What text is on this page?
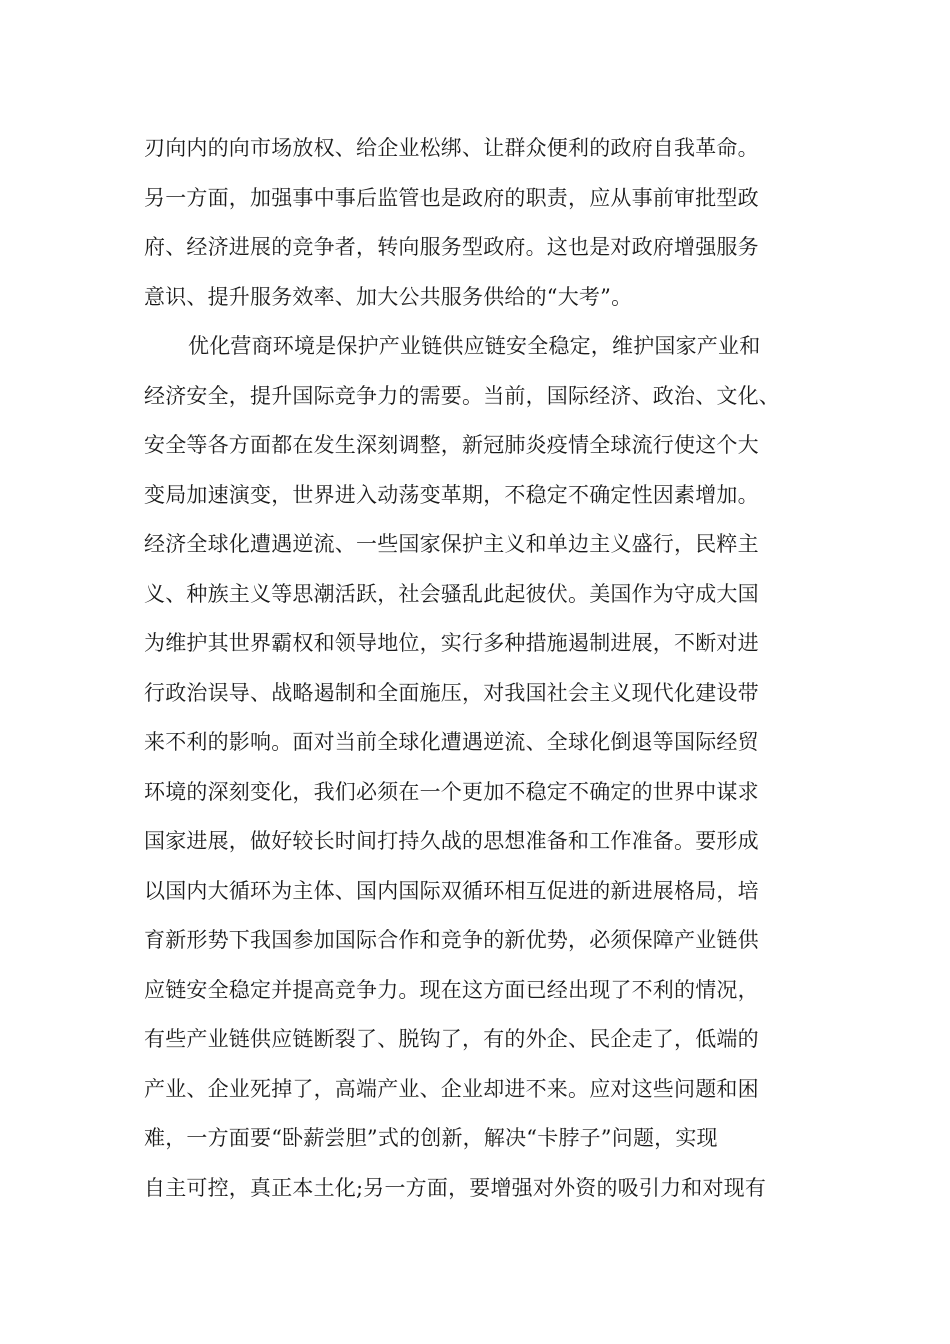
刃向内的向市场放权、给企业松绑、让群众便利的政府自我革命。
另一方面，加强事中事后监管也是政府的职责，应从事前审批型政
府、经济进展的竞争者，转向服务型政府。这也是对政府增强服务
意识、提升服务效率、加大公共服务供给的“大考”。
优化营商环境是保护产业链供应链安全稳定，维护国家产业和
经济安全，提升国际竞争力的需要。当前，国际经济、政治、文化、
安全等各方面都在发生深刻调整，新冠肺炎疫情全球流行使这个大
变局加速演变，世界进入动荡变革期，不稳定不确定性因素增加。
经济全球化遭遇逆流、一些国家保护主义和单边主义盛行，民粹主
义、种族主义等思潮活跃，社会骚乱此起彼伏。美国作为守成大国
为维护其世界霸权和领导地位，实行多种措施遏制进展，不断对进
行政治误导、战略遏制和全面施压，对我国社会主义现代化建设带
来不利的影响。面对当前全球化遭遇逆流、全球化倒退等国际经贸
环境的深刻变化，我们必须在一个更加不稳定不确定的世界中谋求
国家进展，做好较长时间打持久战的思想准备和工作准备。要形成
以国内大循环为主体、国内国际双循环相互促进的新进展格局，培
育新形势下我国参加国际合作和竞争的新优势，必须保障产业链供
应链安全稳定并提高竞争力。现在这方面已经出现了不利的情况，
有些产业链供应链断裂了、脱钩了，有的外企、民企走了，低端的
产业、企业死掉了，高端产业、企业却进不来。应对这些问题和困
难，一方面要“卧薪尝胆”式的创新，解决“卡脖子”问题，实现
自主可控，真正本土化;另一方面，要增强对外资的吸引力和对现有
